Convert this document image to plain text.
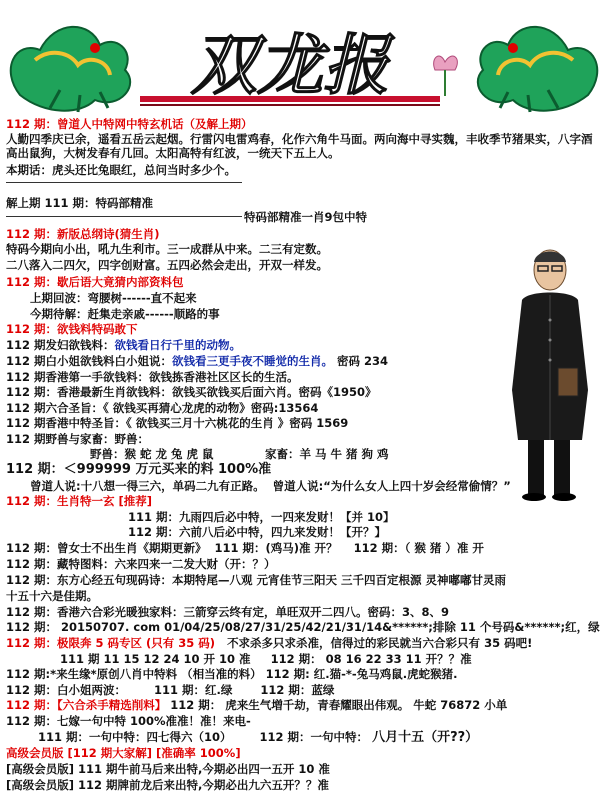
双龙报
112 期：曾道人中特网中特玄机话（及解上期）
人勤四季庆已余，遥看五岳云起烟。行雷闪电雷鸡春，化作六角牛马面。两向海中寻实魏，丰收季节猪果实，八字酒高出鼠狗，大树发春有几回。太阳高特有红波，一统天下五上人。
本期话：虎头还比兔眼红，总问当时多少个。
解上期 111 期：特码部精准
特码部精准一肖9包中特
112 期：新版总纲诗(猜生肖)
特码今期向小出，吼九生利市。三一成群从中来。二三有定数。
二八落入二四欠，四字创财富。五四必然会走出，开双一样发。
112 期：歇后语大竟猜内部资料包
上期回波：弯腰树------直不起来
今期待解：赶集走亲戚------顺路的事
112 期：欲钱料特码敢下
112 期发妇欲钱料：欲钱看日行千里的动物。
112 期白小姐欲钱料白小姐说：欲钱看三更手夜不睡觉的生肖。 密码 234
112 期香港第一手欲钱料：欲钱拣香港社区区长的生活。
112 期：香港最新生肖欲钱料：欲钱买欲钱买后面六肖。密码《1950》
112 期六合圣旨：《 欲钱买再猜心龙虎的动物》密码:13564
112 期香港中特圣旨：《 欲钱买三月十六桃花的生肖 》密码 1569
112 期野兽与家畜：野兽：
野兽：猴 蛇 龙 兔 虎 鼠	家畜：羊 马 牛 猪 狗 鸡
112 期：＜999999 万元买来的料 100%准
曾道人说:十八想一得三六，单码二九有正路。 曾道人说:“为什么女人上四十岁会经常偷情？”
112 期：生肖特一玄 [推荐]
111 期：九雨四后必中特，一四来发财！【并 10】
112 期：六前八后必中特，四九来发财！【开？】
112 期：曾女士不出生肖《期期更新》 111 期：(鸡马)准 开？ 112 期：（ 猴 猪 ）准 开
112 期：藏特图料：六来四来一二发大财（开：？）
112 期：东方心经五句现码诗：本期特尾—八观 元宵佳节三阳天 三千四百定根源 灵神嘟嘟甘灵雨
十五十六是佳期。
112 期：香港六合彩光暖独家料：三箭穿云终有定，单旺双开二四八。密码：3、8、9
112 期： 20150707. com 01/04/25/08/27/31/25/42/21/31/14&******;排除 11 个号码&******;红，绿
112 期：极限奔 5 码专区 (只有 35 码) 不求杀多只求杀准，信得过的彩民就当六合彩只有 35 码吧!
111 期 11 15 12 24 10 开 10 准 112 期： 08 16 22 33 11 开？？准
112 期:*来生缘*原创八肖中特料 （相当准的料） 112 期: 红.猫-*-兔马鸡鼠.虎蛇猴猪.
112 期：白小姐两波： 111 期：红.绿 112 期：蓝绿
112 期：【六合杀手精选削料】 112 期： 虎来生气増千劫，青春耀眼出伟观。 牛蛇 76872 小单
112 期：七嫁一句中特 100%准准！准！来电-
111 期：一句中特：四七得六（10） 112 期：一句中特： 八月十五（开??）
高级会员版 [112 期大家解] [准确率 100%]
[高级会员版] 111 期牛前马后来出特,今期必出四一五开 10 准
[高级会员版] 112 期牌前龙后来出特,今期必出九六五开？？准
